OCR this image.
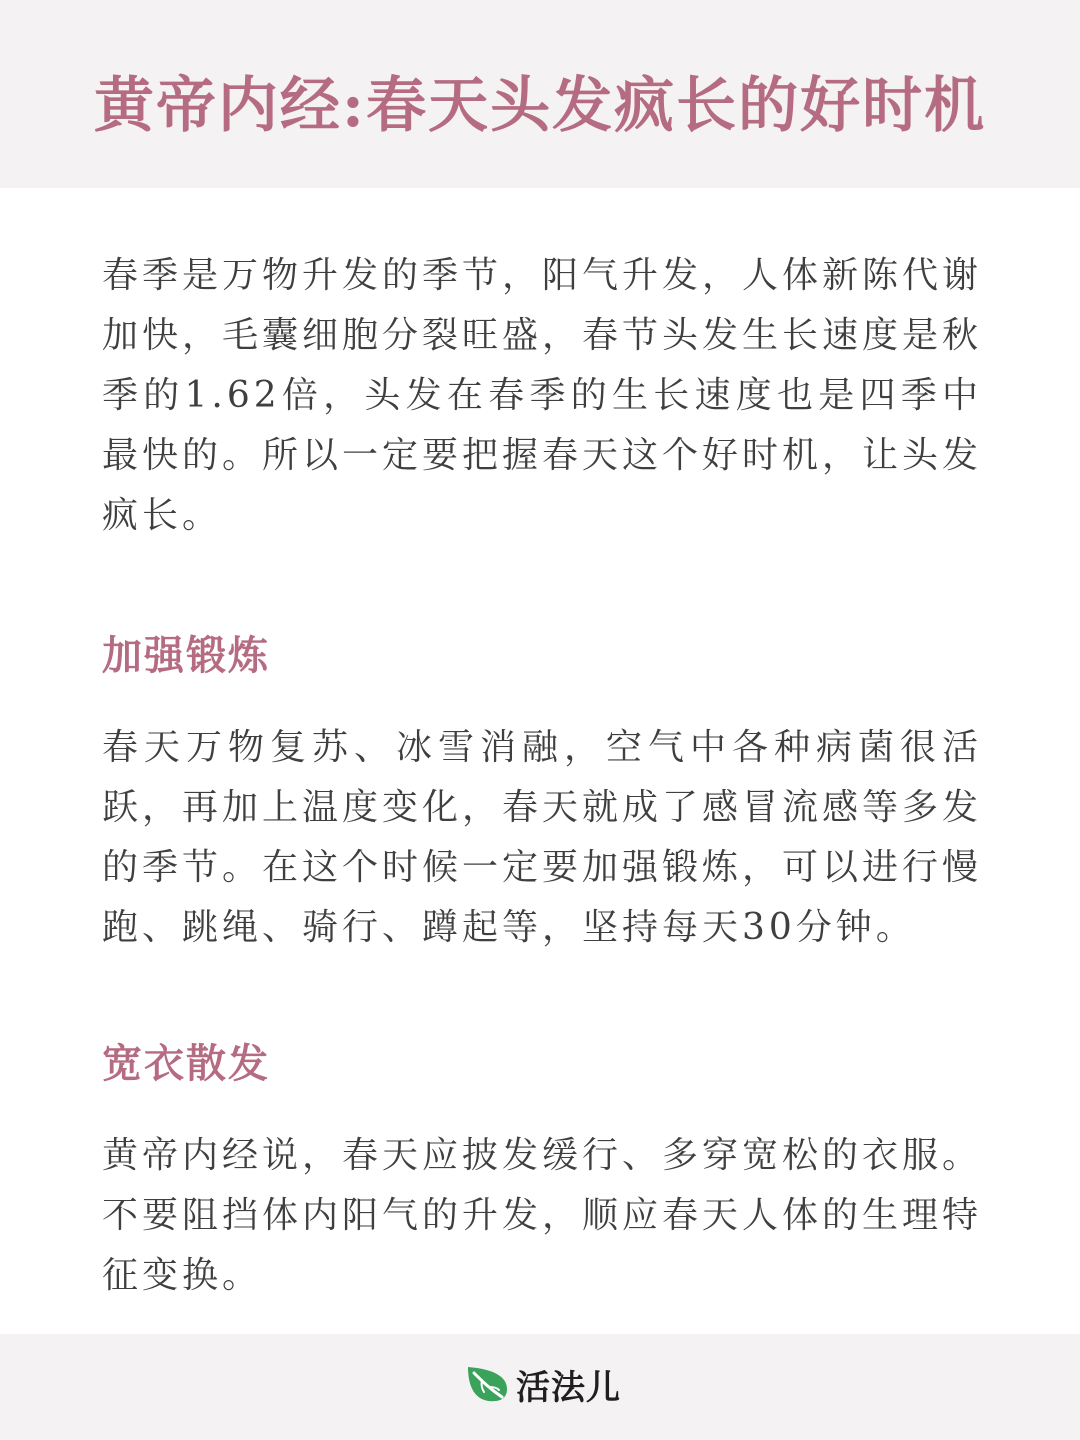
黄帝内经:春天头发疯长的好时机

春季是万物升发的季节，阳气升发，人体新陈代谢加快，毛囊细胞分裂旺盛，春节头发生长速度是秋季的1.62倍，头发在春季的生长速度也是四季中最快的。所以一定要把握春天这个好时机，让头发疯长。

加强锻炼

春天万物复苏、冰雪消融，空气中各种病菌很活跃，再加上温度变化，春天就成了感冒流感等多发的季节。在这个时候一定要加强锻炼，可以进行慢跑、跳绳、骑行、蹲起等，坚持每天30分钟。

宽衣散发

黄帝内经说，春天应披发缓行、多穿宽松的衣服。不要阻挡体内阳气的升发，顺应春天人体的生理特征变换。

活法儿
